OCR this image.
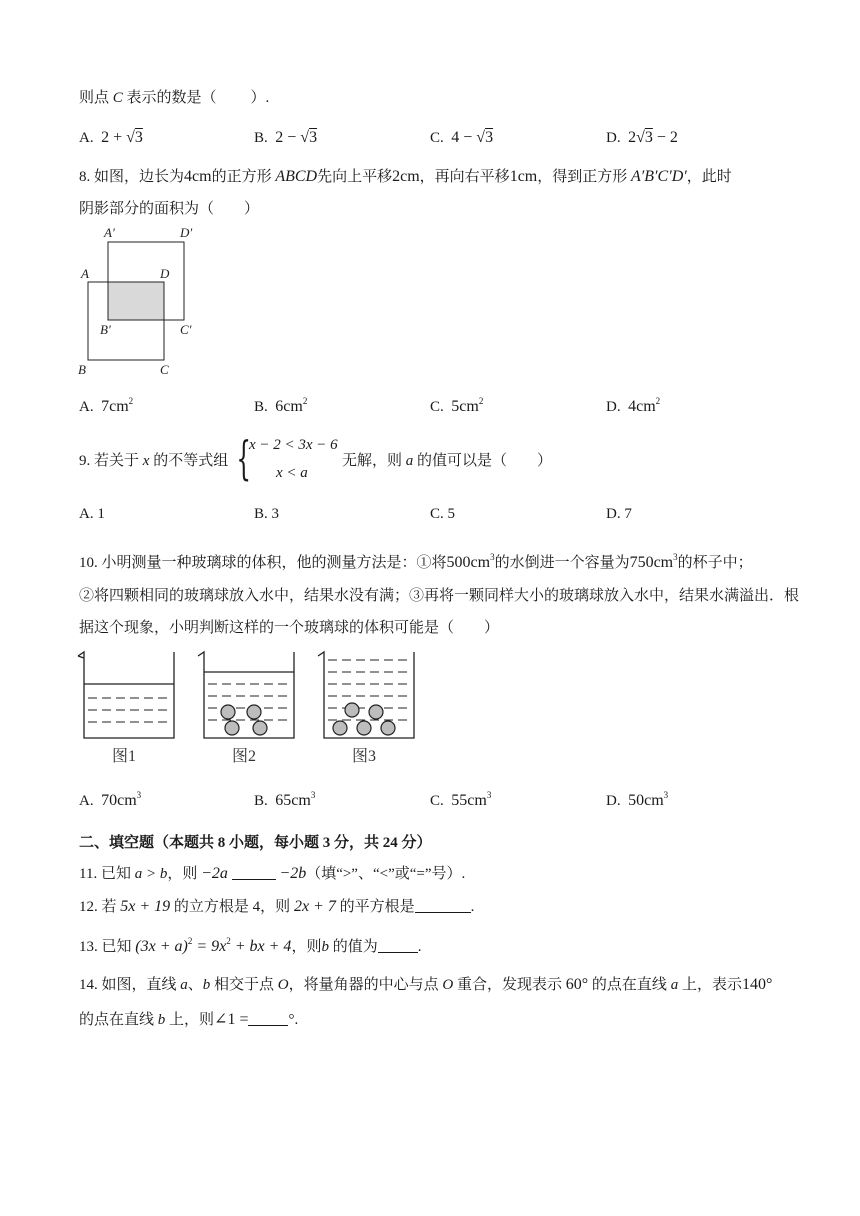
则点 C 表示的数是（ ）.
A. 2 + √3	B. 2 − √3	C. 4 − √3	D. 2√3 − 2
8. 如图，边长为4cm的正方形 ABCD先向上平移2cm，再向右平移1cm，得到正方形 A′B′C′D′，此时
阴影部分的面积为（　　）
A′	D′
A	D
B′	C′
B	C
A. $7cm^2$	B. $6cm^2$	C. $5cm^2$	D. $4cm^2$
9. 若关于 x 的不等式组 {
x − 2 < 3x − 6
x < a
无解，则 a 的值可以是（　　）
A. 1	B. 3	C. 5	D. 7
10. 小明测量一种玻璃球的体积，他的测量方法是：①将$500cm^3$的水倒进一个容量为$750cm^3$的杯子中；
②将四颗相同的玻璃球放入水中，结果水没有满；③再将一颗同样大小的玻璃球放入水中，结果水满溢出．根
据这个现象，小明判断这样的一个玻璃球的体积可能是（　　）
图1	图2	图3
A. $70cm^3$	B. $65cm^3$	C. $55cm^3$	D. $50cm^3$
二、填空题（本题共 8 小题，每小题 3 分，共 24 分）
11. 已知 a > b，则 −2a	−2b（填“>”、“<”或“=”号）.
12. 若 5x + 19 的立方根是 4，则 2x + 7 的平方根是	.
13. 已知 $(3x + a)^2 = 9x^2$ + bx + 4，则b 的值为	.
14. 如图，直线 a、b 相交于点 O，将量角器的中心与点 O 重合，发现表示 60° 的点在直线 a 上，表示140°
的点在直线 b 上，则∠1 =	°.
